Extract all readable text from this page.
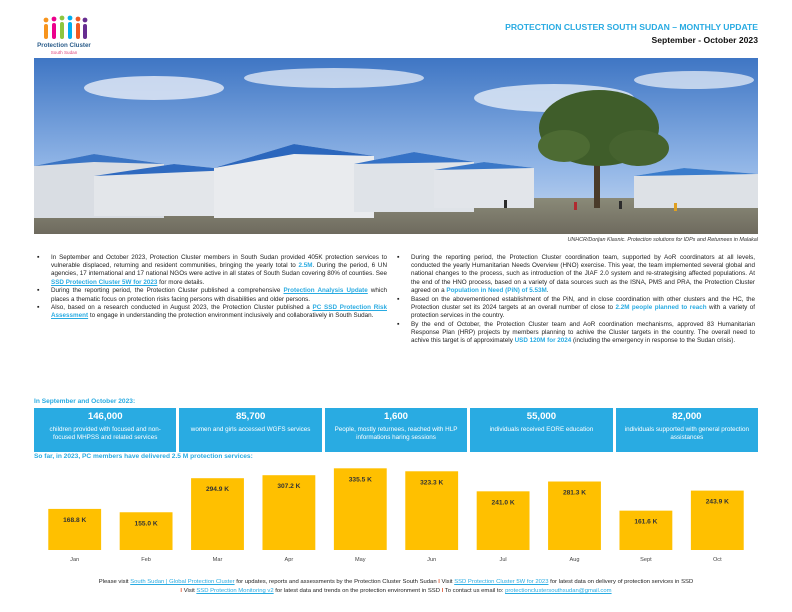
Protection Cluster
South Sudan
PROTECTION CLUSTER SOUTH SUDAN – MONTHLY UPDATE
September - October 2023
UNHCR/Dorijan Klasnic. Protection solutions for IDPs and Returnees in Malakal
▪ In September and October 2023, Protection Cluster members in South Sudan provided 405K protection services to vulnerable displaced, returning and resident communities, bringing the yearly total to 2.5M. During the period, 6 UN agencies, 17 international and 17 national NGOs were active in all states of South Sudan covering 80% of counties. See SSD Protection Cluster 5W for 2023 for more details.
▪ During the reporting period, the Protection Cluster published a comprehensive Protection Analysis Update which places a thematic focus on protection risks facing persons with disabilities and older persons.
▪ Also, based on a research conducted in August 2023, the Protection Cluster published a PC SSD Protection Risk Assessment to engage in understanding the protection environment inclusively and collaboratively in South Sudan.
▪ During the reporting period, the Protection Cluster coordination team, supported by AoR coordinators at all levels, conducted the yearly Humanitarian Needs Overview (HNO) exercise. This year, the team implemented several global and national changes to the process, such as introduction of the JIAF 2.0 system and re-strategising affected populations. At the end of the HNO process, based on a variety of data sources such as the ISNA, PMS and PRA, the Protection Cluster agreed on a Population in Need (PiN) of 5.53M.
▪ Based on the abovementioned establishment of the PiN, and in close coordination with other clusters and the HC, the Protection cluster set its 2024 targets at an overall number of close to 2.2M people planned to reach with a variety of protection services in the country.
▪ By the end of October, the Protection Cluster team and AoR coordination mechanisms, approved 83 Humanitarian Response Plan (HRP) projects by members planning to achive the Cluster targets in the country. The overall need to achive this target is of approximately USD 120M for 2024 (including the emergency in response to the Sudan crisis).
In September and October 2023:
146,000
children provided with focused and non-focused MHPSS and related services
85,700
women and girls accessed WGFS services
1,600
People, mostly returnees, reached with HLP informations haring sessions
55,000
individuals received EORE education
82,000
individuals supported with general protection assistances
So far, in 2023, PC members have delivered 2.5 M protection services:
168.8 K
Jan
155.0 K
Feb
294.9 K
Mar
307.2 K
Apr
335.5 K
May
323.3 K
Jun
241.0 K
Jul
281.3 K
Aug
161.6 K
Sept
243.9 K
Oct
Please visit South Sudan | Global Protection Cluster for updates, reports and assessments by the Protection Cluster South Sudan I Visit SSD Protection Cluster 5W for 2023 for latest data on delivery of protection services in SSD
I Visit SSD Protection Monitoring v2 for latest data and trends on the protection environment in SSD I To contact us email to: protectionclustersouthsudan@gmail.com
